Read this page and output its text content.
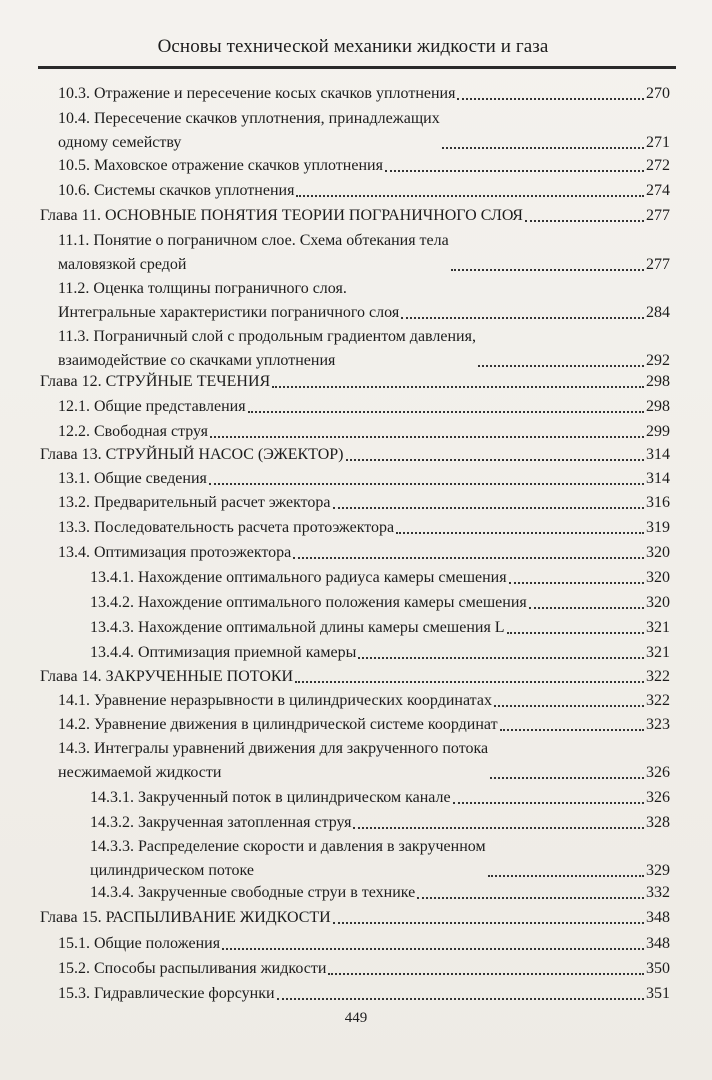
Основы технической механики жидкости и газа
10.3. Отражение и пересечение косых скачков уплотнения	270
10.4. Пересечение скачков уплотнения, принадлежащих
одному семейству	271
10.5. Маховское отражение скачков уплотнения	272
10.6. Системы скачков уплотнения	274
Глава 11. ОСНОВНЫЕ ПОНЯТИЯ ТЕОРИИ ПОГРАНИЧНОГО СЛОЯ	277
11.1. Понятие о пограничном слое. Схема обтекания тела
маловязкой средой	277
11.2. Оценка толщины пограничного слоя.
Интегральные характеристики пограничного слоя	284
11.3. Пограничный слой с продольным градиентом давления,
взаимодействие со скачками уплотнения	292
Глава 12. СТРУЙНЫЕ ТЕЧЕНИЯ	298
12.1. Общие представления	298
12.2. Свободная струя	299
Глава 13. СТРУЙНЫЙ НАСОС (ЭЖЕКТОР)	314
13.1. Общие сведения	314
13.2. Предварительный расчет эжектора	316
13.3. Последовательность расчета протоэжектора	319
13.4. Оптимизация протоэжектора	320
13.4.1. Нахождение оптимального радиуса камеры смешения	320
13.4.2. Нахождение оптимального положения камеры смешения	320
13.4.3. Нахождение оптимальной длины камеры смешения L	321
13.4.4. Оптимизация приемной камеры	321
Глава 14. ЗАКРУЧЕННЫЕ ПОТОКИ	322
14.1. Уравнение неразрывности в цилиндрических координатах	322
14.2. Уравнение движения в цилиндрической системе координат	323
14.3. Интегралы уравнений движения для закрученного потока
несжимаемой жидкости	326
14.3.1. Закрученный поток в цилиндрическом канале	326
14.3.2. Закрученная затопленная струя	328
14.3.3. Распределение скорости и давления в закрученном
цилиндрическом потоке	329
14.3.4. Закрученные свободные струи в технике	332
Глава 15. РАСПЫЛИВАНИЕ ЖИДКОСТИ	348
15.1. Общие положения	348
15.2. Способы распыливания жидкости	350
15.3. Гидравлические форсунки	351
449
